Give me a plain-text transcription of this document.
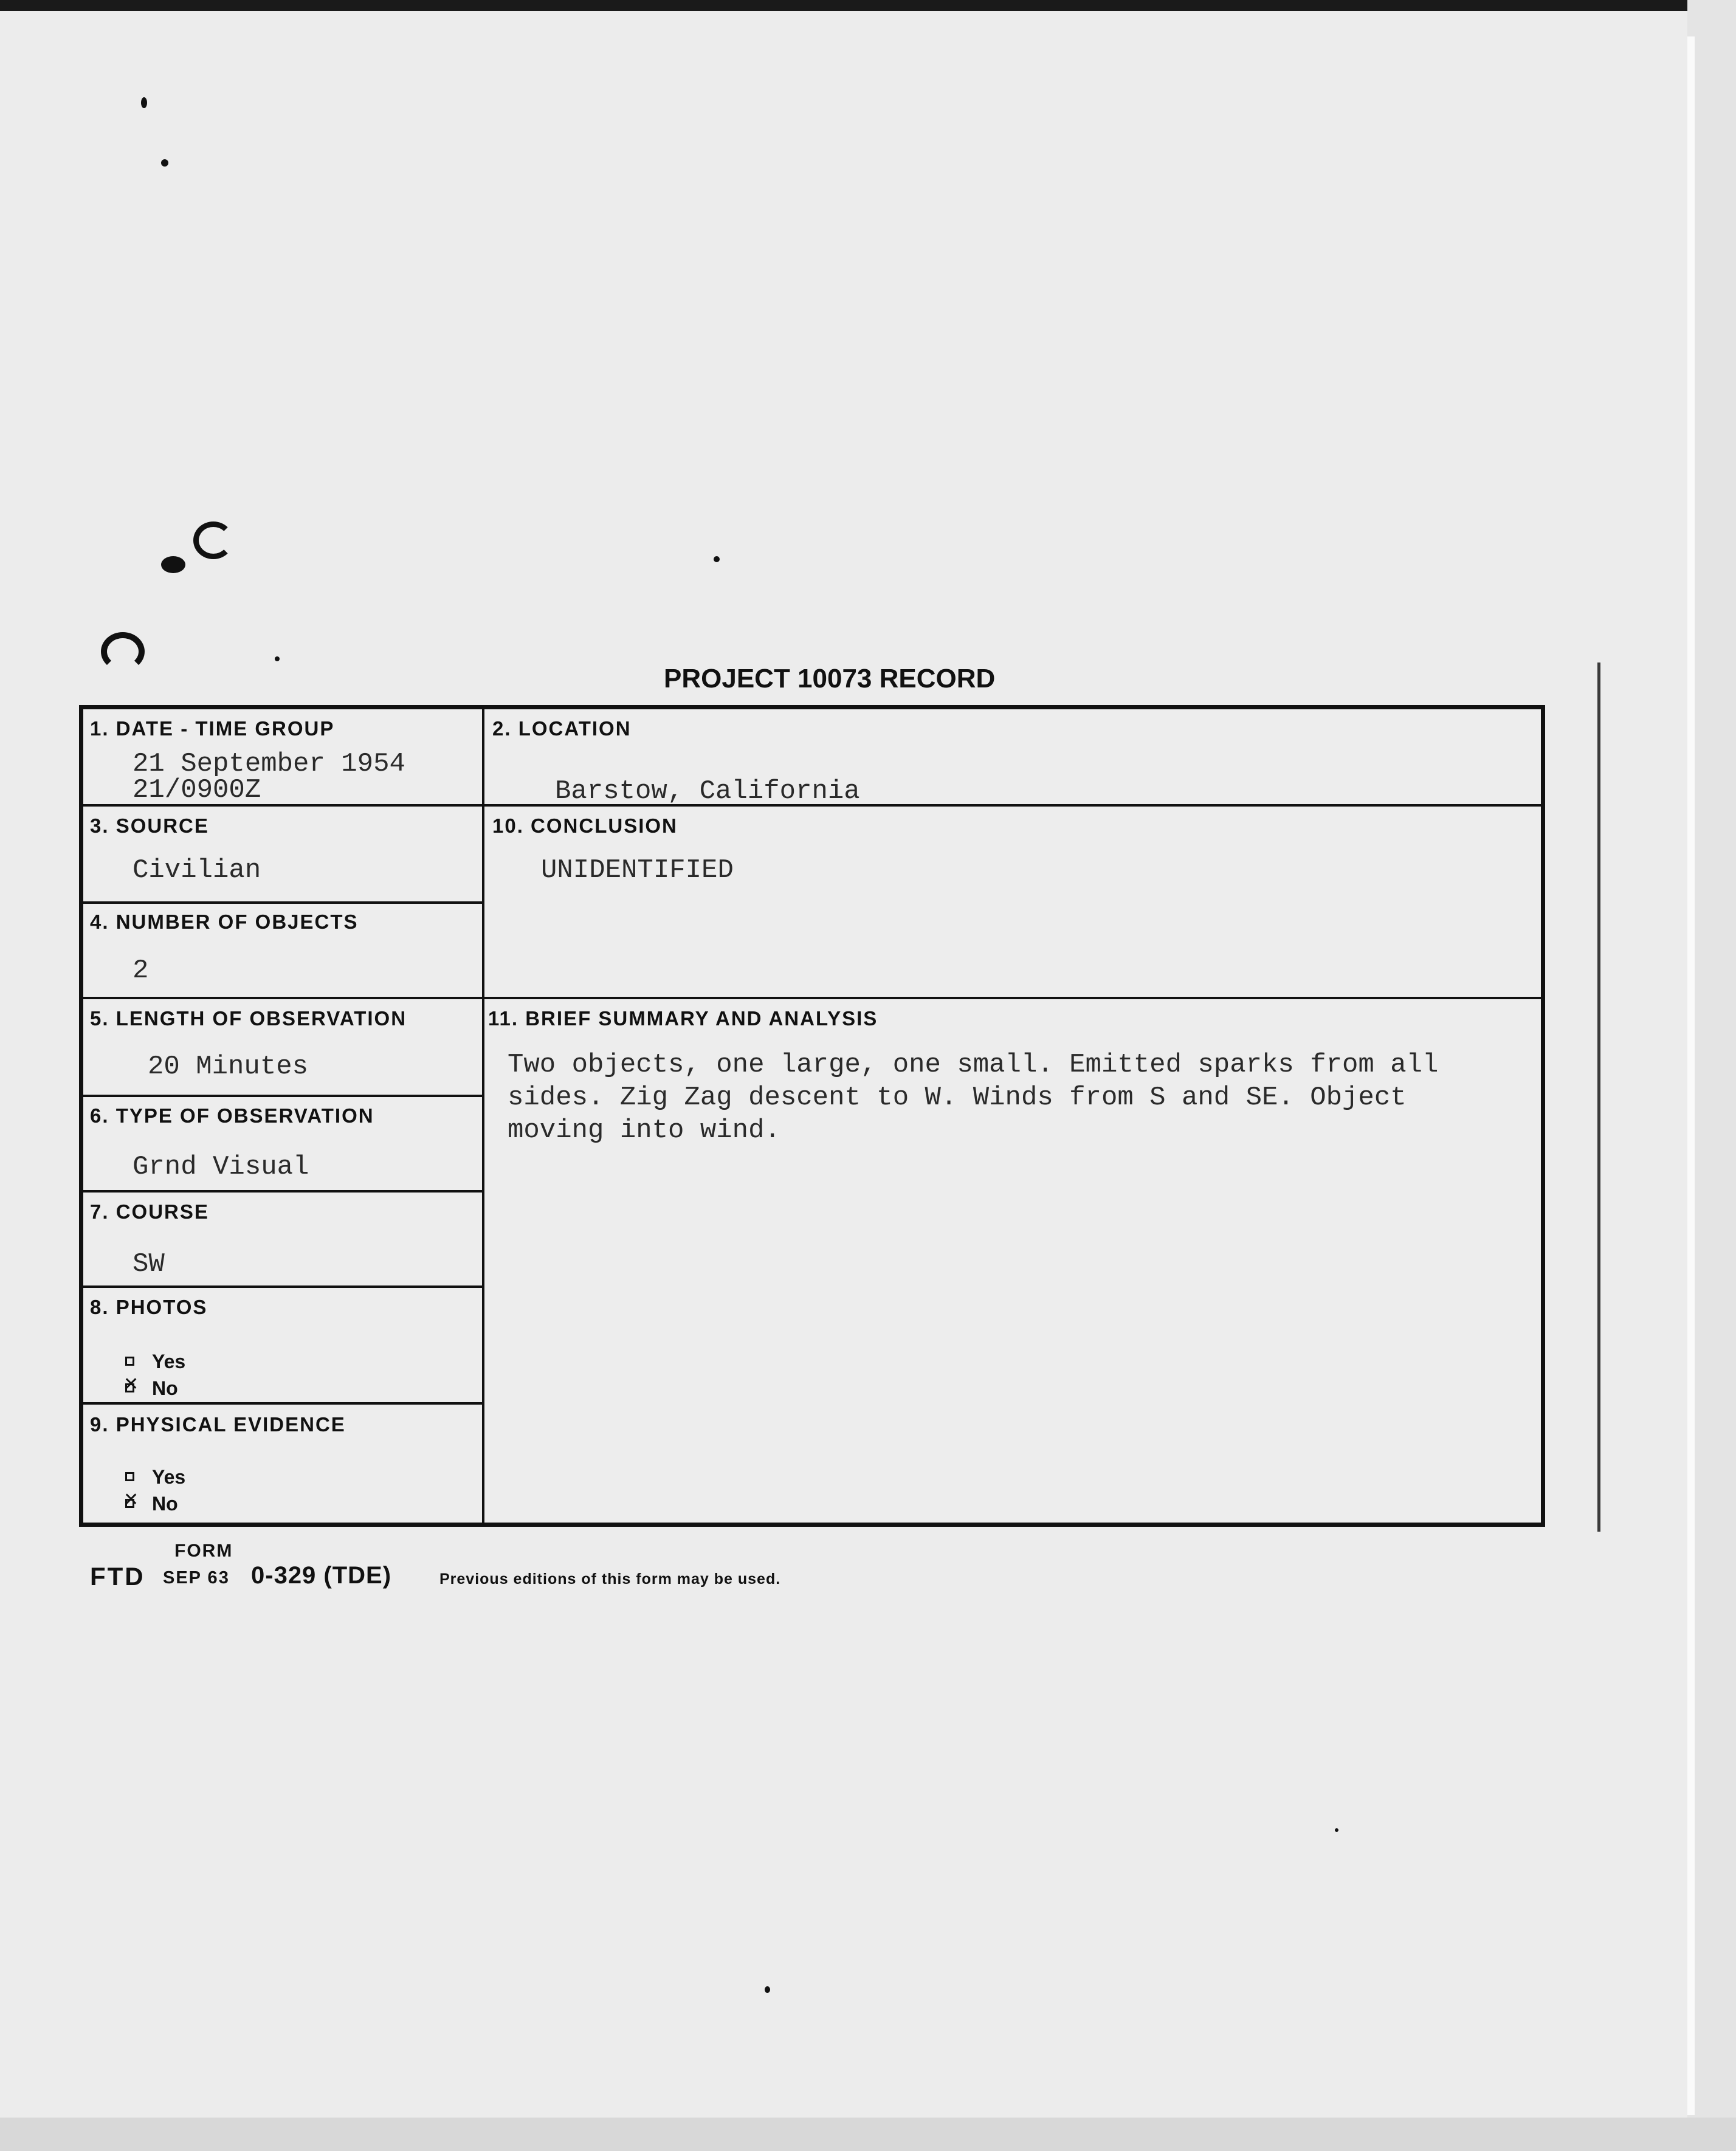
PROJECT 10073 RECORD
1. DATE - TIME GROUP
21 September 1954
21/0900Z
2. LOCATION
Barstow, California
3. SOURCE
Civilian
10. CONCLUSION
UNIDENTIFIED
4. NUMBER OF OBJECTS
2
5. LENGTH OF OBSERVATION
20 Minutes
11. BRIEF SUMMARY AND ANALYSIS
Two objects, one large, one small. Emitted sparks from all
sides. Zig Zag descent to W. Winds from S and SE. Object
moving into wind.
6. TYPE OF OBSERVATION
Grnd Visual
7. COURSE
SW
8. PHOTOS
Yes
✕
No
9. PHYSICAL EVIDENCE
Yes
✕
No
FORM
FTD SEP 63 0-329 (TDE)	Previous editions of this form may be used.
